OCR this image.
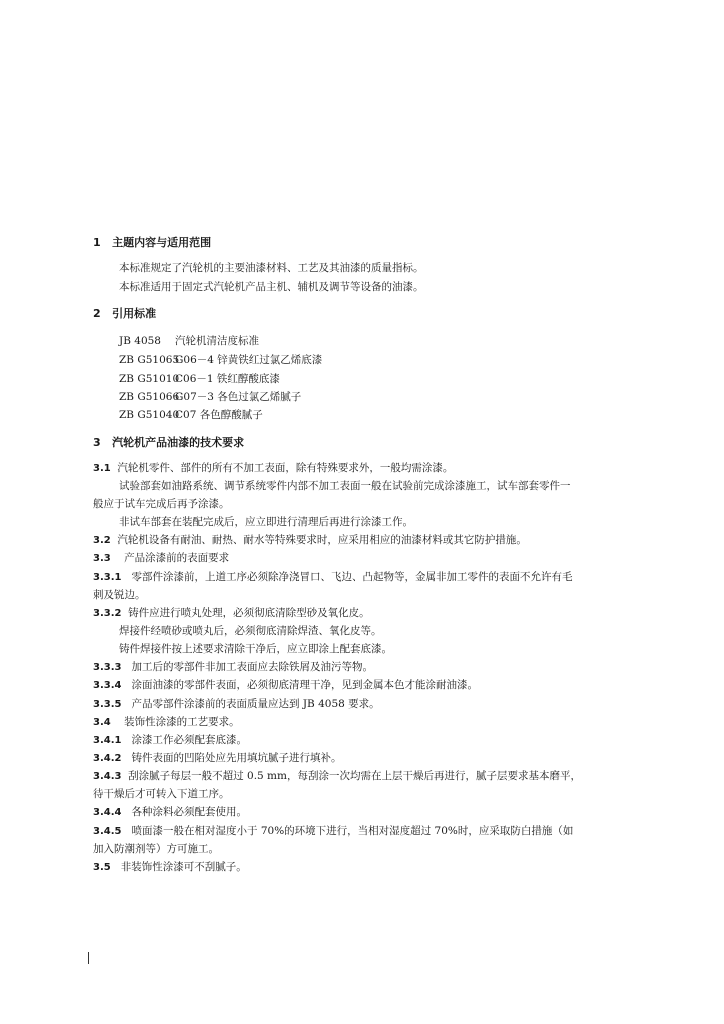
1 主题内容与适用范围
本标准规定了汽轮机的主要油漆材料、工艺及其油漆的质量指标。
本标准适用于固定式汽轮机产品主机、辅机及调节等设备的油漆。
2 引用标准
JB 4058 汽轮机清洁度标准
ZB G51065G06－4 锌黄铁红过氯乙烯底漆
ZB G51010C06－1 铁红醇酸底漆
ZB G51066G07－3 各色过氯乙烯腻子
ZB G51040C07 各色醇酸腻子
3 汽轮机产品油漆的技术要求
3.1 汽轮机零件、部件的所有不加工表面，除有特殊要求外，一般均需涂漆。
试验部套如油路系统、调节系统零件内部不加工表面一般在试验前完成涂漆施工，试车部套零件一
般应于试车完成后再予涂漆。
非试车部套在装配完成后，应立即进行清理后再进行涂漆工作。
3.2 汽轮机设备有耐油、耐热、耐水等特殊要求时，应采用相应的油漆材料或其它防护措施。
3.3 产品涂漆前的表面要求
3.3.1 零部件涂漆前，上道工序必须除净浇冒口、飞边、凸起物等，金属非加工零件的表面不允许有毛
刺及锐边。
3.3.2 铸件应进行喷丸处理，必须彻底清除型砂及氧化皮。
焊接件经喷砂或喷丸后，必须彻底清除焊渣、氧化皮等。
铸件焊接件按上述要求清除干净后，应立即涂上配套底漆。
3.3.3 加工后的零部件非加工表面应去除铁屑及油污等物。
3.3.4 涂面油漆的零部件表面，必须彻底清理干净，见到金属本色才能涂耐油漆。
3.3.5 产品零部件涂漆前的表面质量应达到 JB 4058 要求。
3.4 装饰性涂漆的工艺要求。
3.4.1 涂漆工作必须配套底漆。
3.4.2 铸件表面的凹陷处应先用填坑腻子进行填补。
3.4.3 刮涂腻子每层一般不超过 0.5 mm，每刮涂一次均需在上层干燥后再进行，腻子层要求基本磨平，
待干燥后才可转入下道工序。
3.4.4 各种涂料必须配套使用。
3.4.5 喷面漆一般在相对湿度小于 70%的环境下进行，当相对湿度超过 70%时，应采取防白措施（如
加入防潮剂等）方可施工。
3.5 非装饰性涂漆可不刮腻子。
